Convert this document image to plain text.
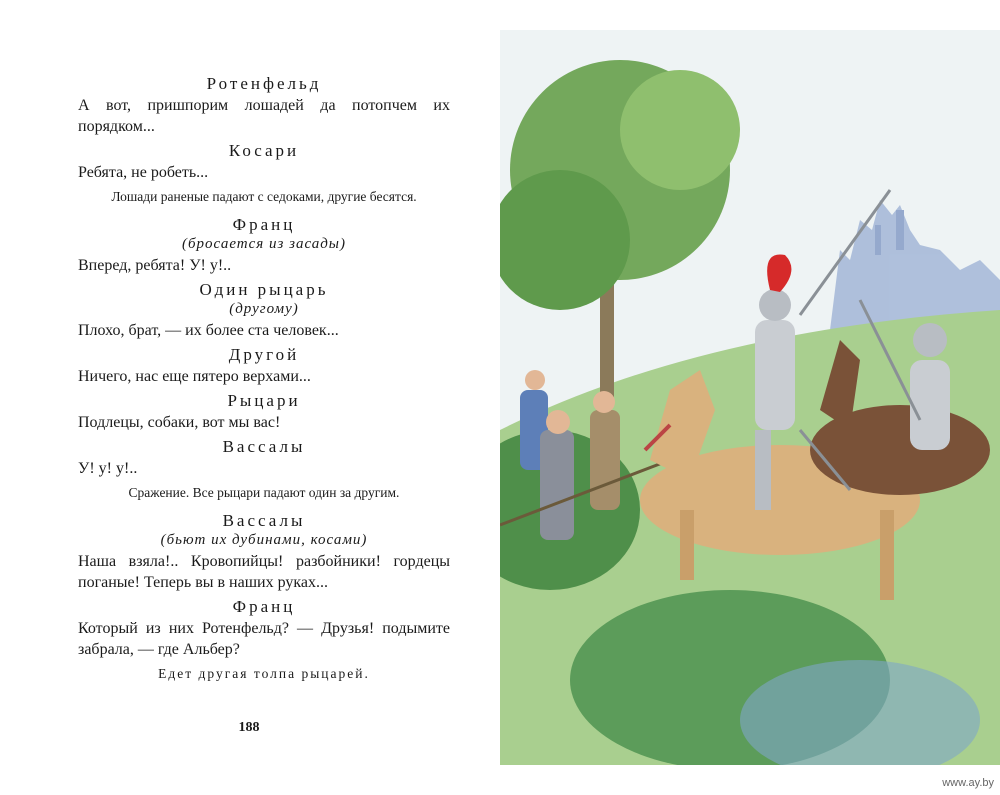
Ротенфельд

А вот, пришпорим лошадей да потопчем их порядком...

Косари

Ребята, не робеть...

Лошади раненые падают с седоками, другие бесятся.

Франц

(бросается из засады)

Вперед, ребята! У! у!..

Один рыцарь

(другому)

Плохо, брат, — их более ста человек...

Другой

Ничего, нас еще пятеро верхами...

Рыцари

Подлецы, собаки, вот мы вас!

Вассалы

У! у! у!..

Сражение. Все рыцари падают один за другим.

Вассалы

(бьют их дубинами, косами)

Наша взяла!.. Кровопийцы! разбойники! гордецы поганые! Теперь вы в наших руках...

Франц

Который из них Ротенфельд? — Друзья! подымите забрала, — где Альбер?

Едет другая толпа рыцарей.

188
www.ay.by
